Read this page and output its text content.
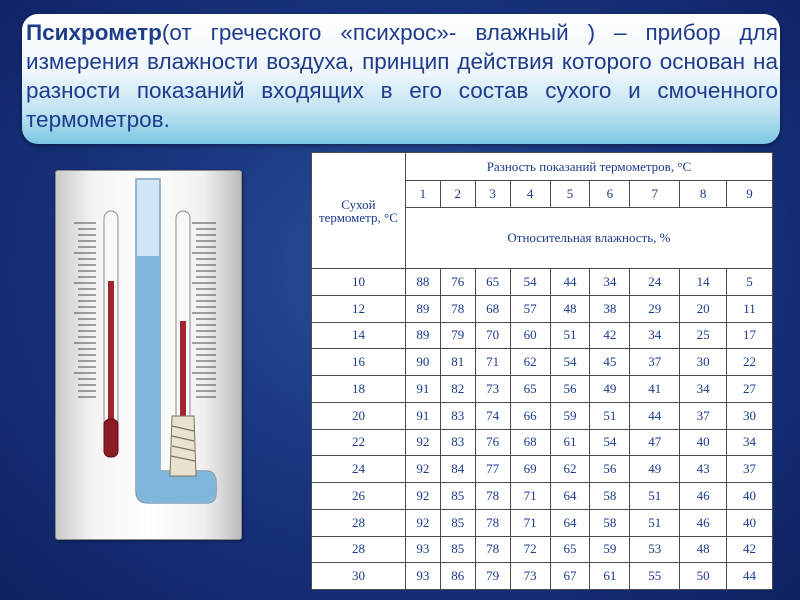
Психрометр(от греческого «психрос»- влажный ) – прибор для измерения влажности воздуха, принцип действия которого основан на разности показаний входящих в его состав сухого и смоченного термометров.
Сухой термометр, °С	Разность показаний термометров, °С								
	1	2	3	4	5	6	7	8	9
	Относительная влажность, %								
10	88	76	65	54	44	34	24	14	5
12	89	78	68	57	48	38	29	20	11
14	89	79	70	60	51	42	34	25	17
16	90	81	71	62	54	45	37	30	22
18	91	82	73	65	56	49	41	34	27
20	91	83	74	66	59	51	44	37	30
22	92	83	76	68	61	54	47	40	34
24	92	84	77	69	62	56	49	43	37
26	92	85	78	71	64	58	51	46	40
28	92	85	78	71	64	58	51	46	40
28	93	85	78	72	65	59	53	48	42
30	93	86	79	73	67	61	55	50	44
